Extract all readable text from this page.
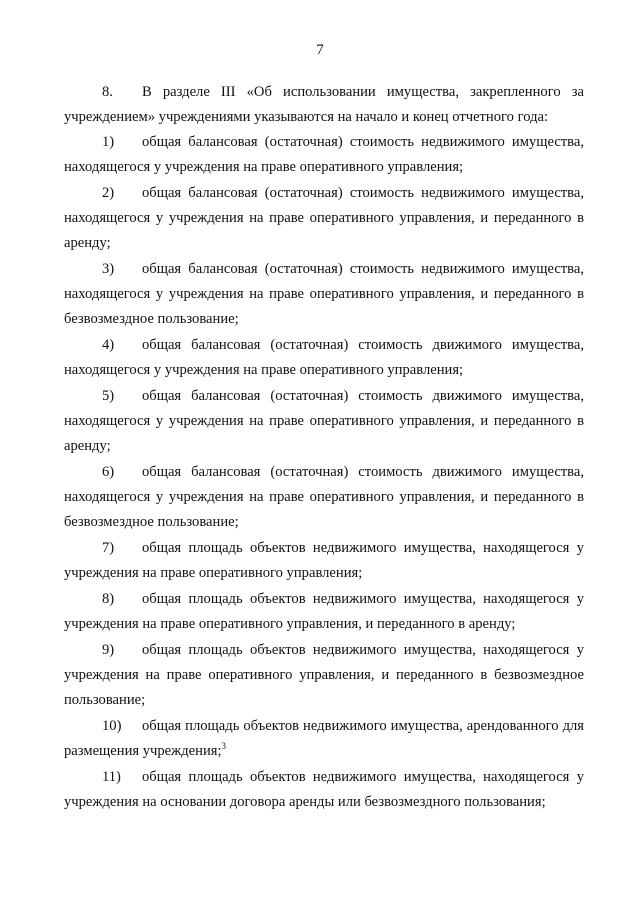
7

8. В разделе III «Об использовании имущества, закрепленного за учреждением» учреждениями указываются на начало и конец отчетного года:

1) общая балансовая (остаточная) стоимость недвижимого имущества, находящегося у учреждения на праве оперативного управления;

2) общая балансовая (остаточная) стоимость недвижимого имущества, находящегося у учреждения на праве оперативного управления, и переданного в аренду;

3) общая балансовая (остаточная) стоимость недвижимого имущества, находящегося у учреждения на праве оперативного управления, и переданного в безвозмездное пользование;

4) общая балансовая (остаточная) стоимость движимого имущества, находящегося у учреждения на праве оперативного управления;

5) общая балансовая (остаточная) стоимость движимого имущества, находящегося у учреждения на праве оперативного управления, и переданного в аренду;

6) общая балансовая (остаточная) стоимость движимого имущества, находящегося у учреждения на праве оперативного управления, и переданного в безвозмездное пользование;

7) общая площадь объектов недвижимого имущества, находящегося у учреждения на праве оперативного управления;

8) общая площадь объектов недвижимого имущества, находящегося у учреждения на праве оперативного управления, и переданного в аренду;

9) общая площадь объектов недвижимого имущества, находящегося у учреждения на праве оперативного управления, и переданного в безвозмездное пользование;

10) общая площадь объектов недвижимого имущества, арендованного для размещения учреждения;$^3$

11) общая площадь объектов недвижимого имущества, находящегося у учреждения на основании договора аренды или безвозмездного пользования;
